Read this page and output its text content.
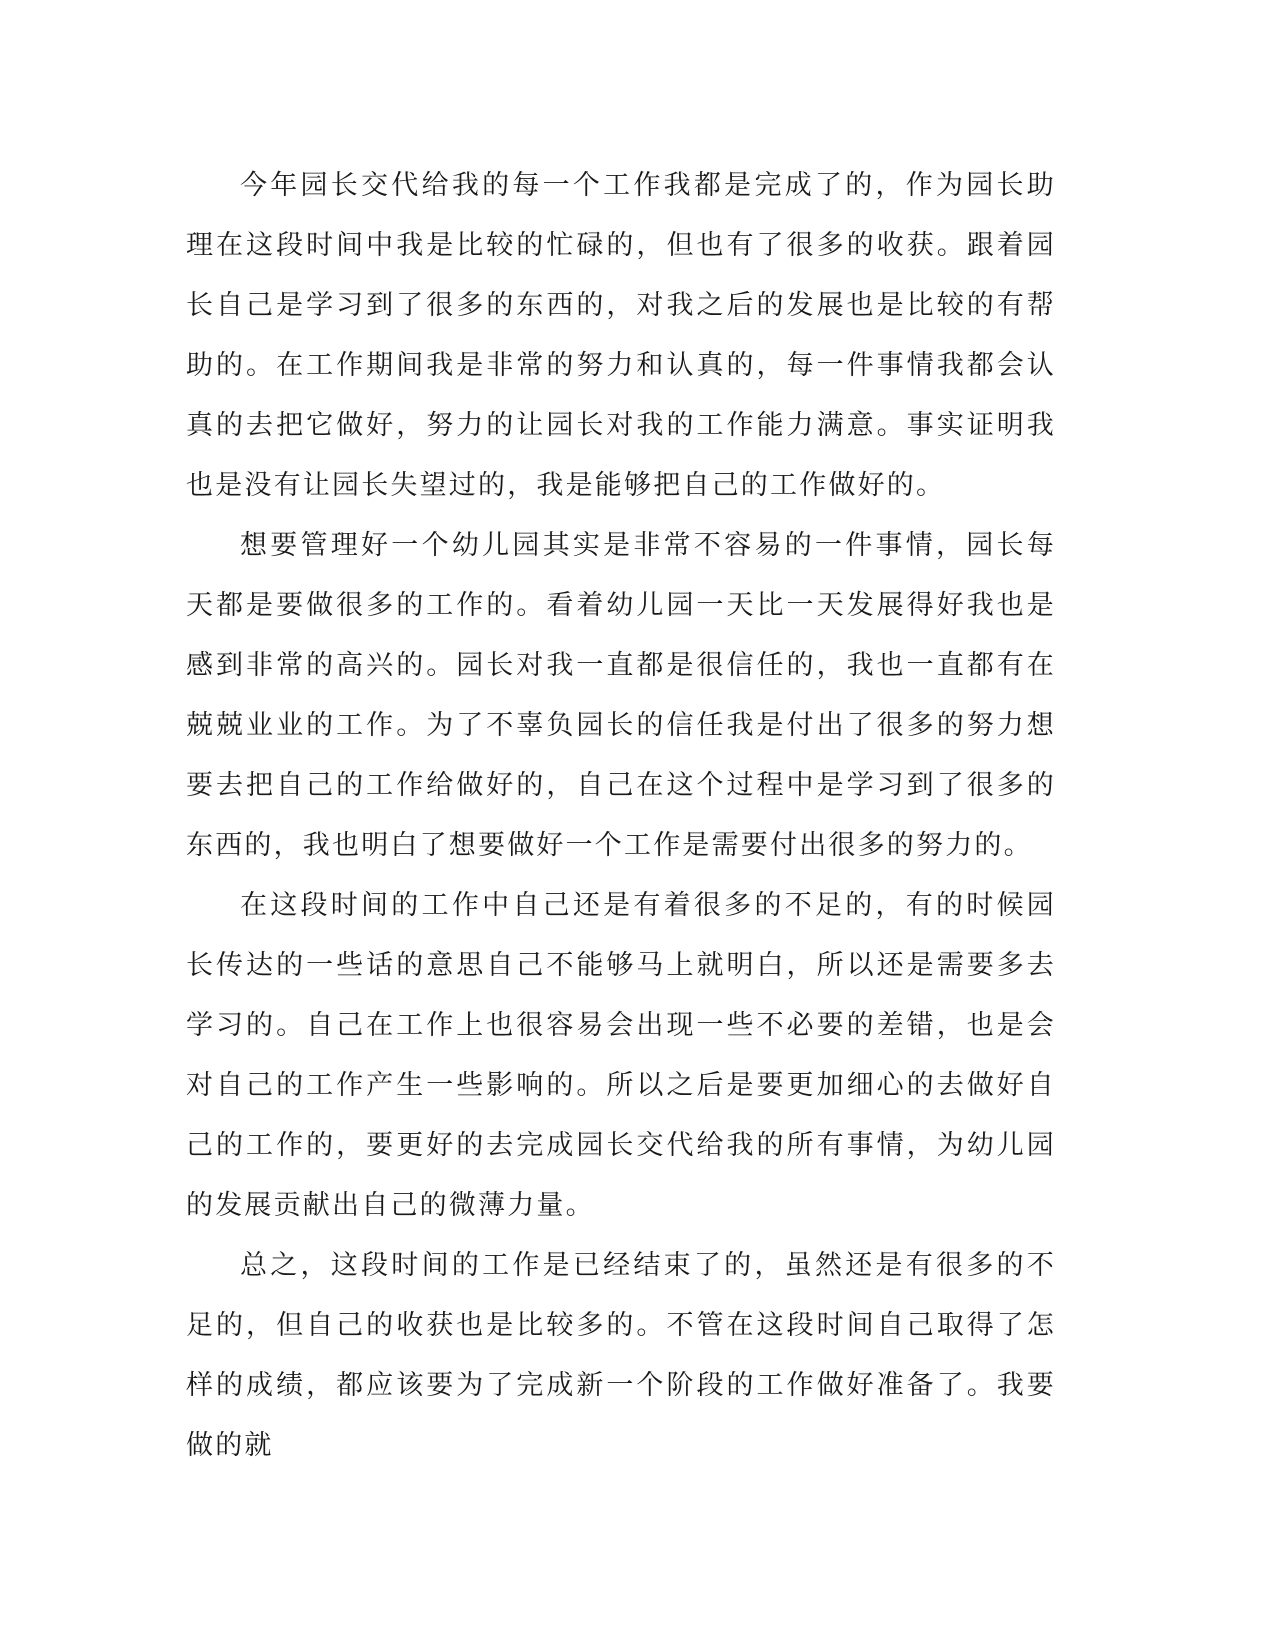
今年园长交代给我的每一个工作我都是完成了的，作为园长助理在这段时间中我是比较的忙碌的，但也有了很多的收获。跟着园长自己是学习到了很多的东西的，对我之后的发展也是比较的有帮助的。在工作期间我是非常的努力和认真的，每一件事情我都会认真的去把它做好，努力的让园长对我的工作能力满意。事实证明我也是没有让园长失望过的，我是能够把自己的工作做好的。

想要管理好一个幼儿园其实是非常不容易的一件事情，园长每天都是要做很多的工作的。看着幼儿园一天比一天发展得好我也是感到非常的高兴的。园长对我一直都是很信任的，我也一直都有在兢兢业业的工作。为了不辜负园长的信任我是付出了很多的努力想要去把自己的工作给做好的，自己在这个过程中是学习到了很多的东西的，我也明白了想要做好一个工作是需要付出很多的努力的。

在这段时间的工作中自己还是有着很多的不足的，有的时候园长传达的一些话的意思自己不能够马上就明白，所以还是需要多去学习的。自己在工作上也很容易会出现一些不必要的差错，也是会对自己的工作产生一些影响的。所以之后是要更加细心的去做好自己的工作的，要更好的去完成园长交代给我的所有事情，为幼儿园的发展贡献出自己的微薄力量。

总之，这段时间的工作是已经结束了的，虽然还是有很多的不足的，但自己的收获也是比较多的。不管在这段时间自己取得了怎样的成绩，都应该要为了完成新一个阶段的工作做好准备了。我要做的就
